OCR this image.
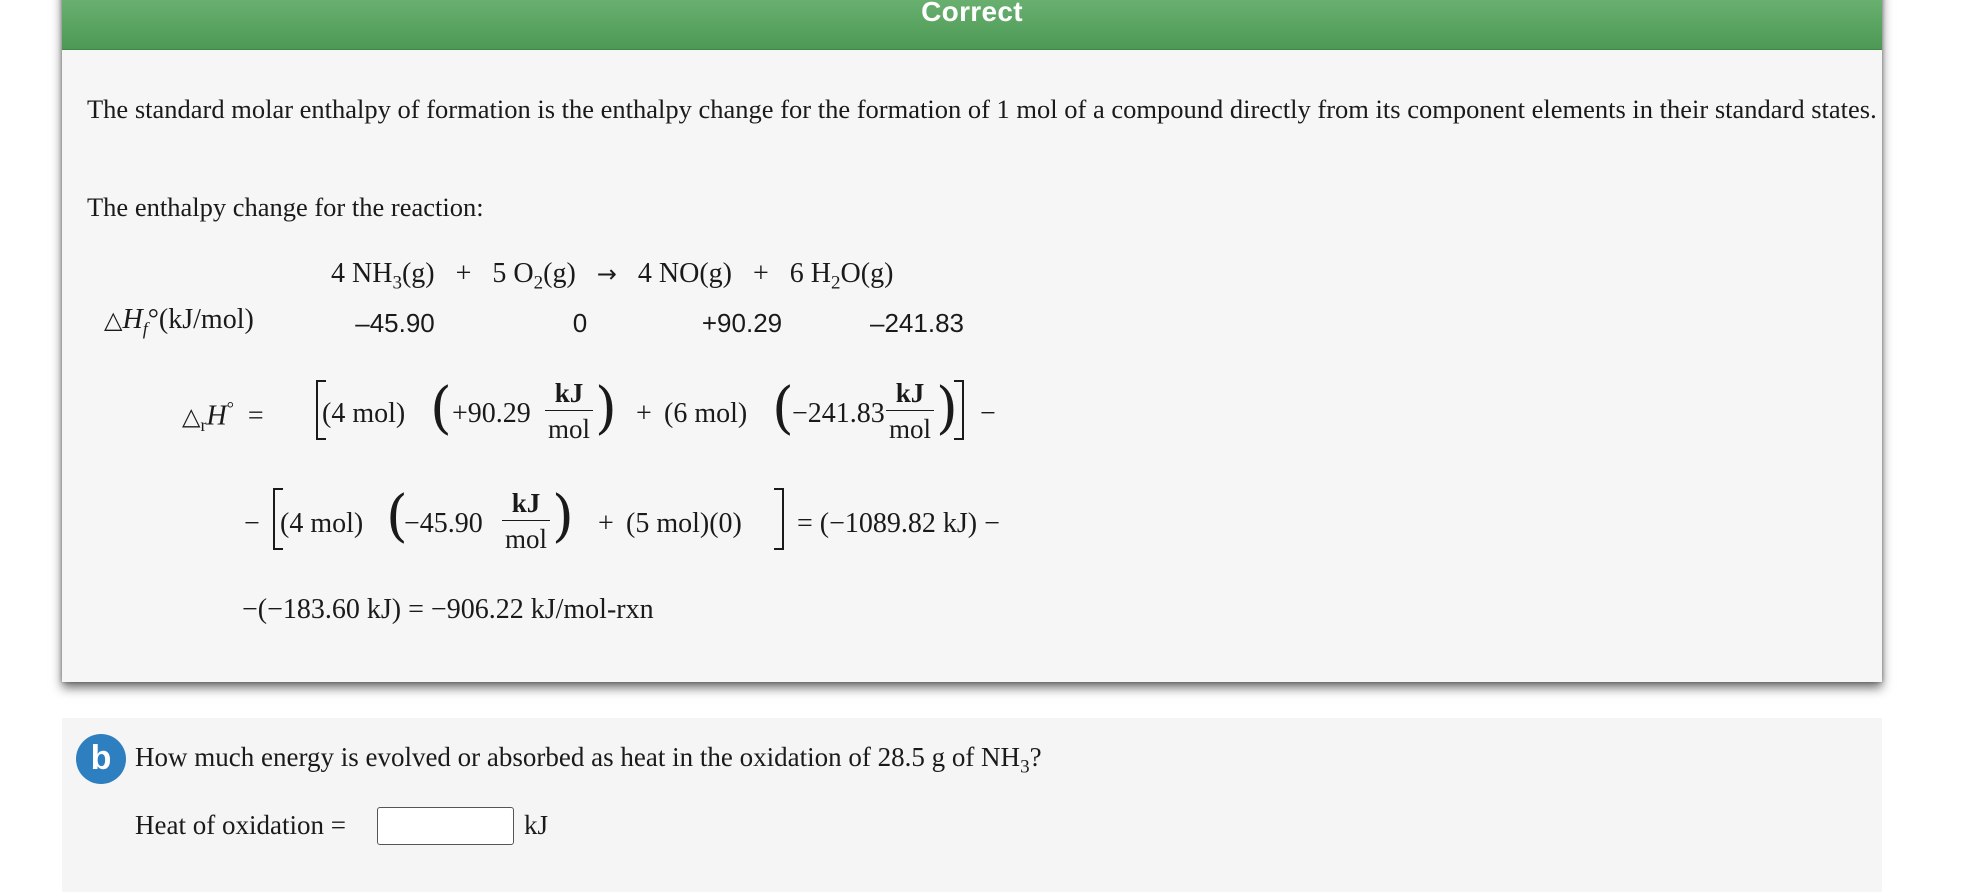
Correct

The standard molar enthalpy of formation is the enthalpy change for the formation of 1 mol of a compound directly from its component elements in their standard states.

The enthalpy change for the reaction:

4 $NH_3(g) + 5$ $O_2(g) \to 4$ NO(g) + 6 $H_2O(g)$
$\triangle H_f^\circ(kJ/mol)$	–45.90	0	+90.29	–241.83
$\triangle_rH^\circ = (4$ mol) ( +90.29
kJ
mol ) + (6 mol) (
−241.83
kJ
mol ) −
− (4 mol) (
−45.90
kJ
mol ) + (5 mol)(0) = (−1089.82 kJ) −
−(−183.60 kJ) = −906.22 kJ/mol-rxn
b How much energy is evolved or absorbed as heat in the oxidation of 28.5 g of $NH_3$?
Heat of oxidation =	kJ
